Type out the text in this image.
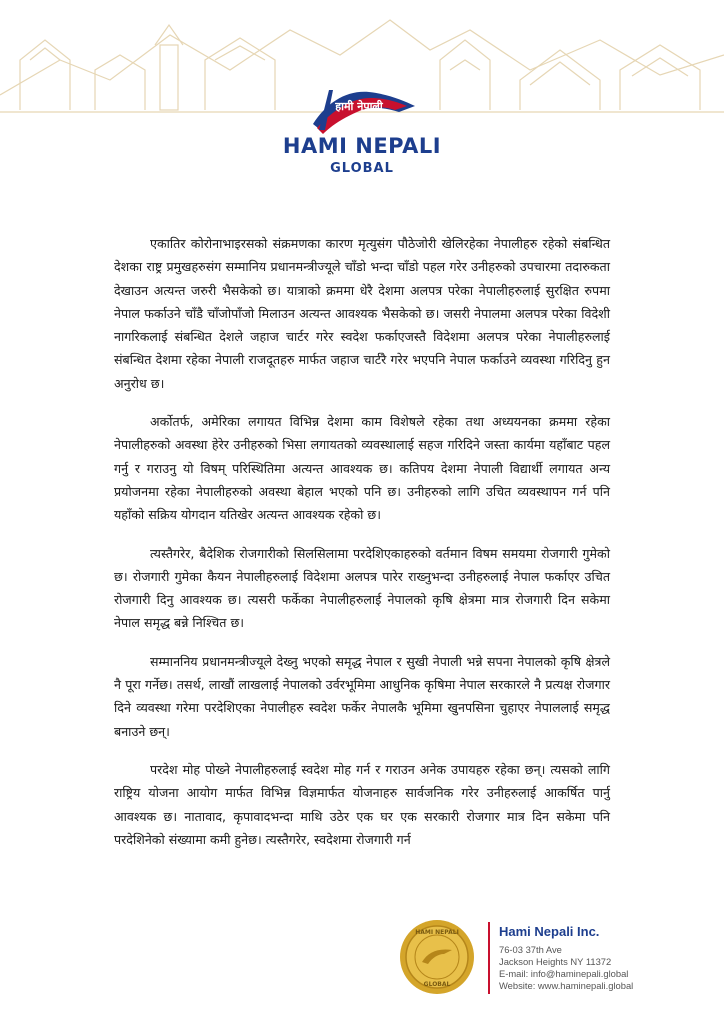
हामी नेपाली
HAMI NEPALI
GLOBAL

एकातिर कोरोनाभाइरसको संक्रमणका कारण मृत्युसंग पौठेजोरी खेलिरहेका नेपालीहरु रहेको संबन्धित देशका राष्ट्र प्रमुखहरुसंग सम्मानिय प्रधानमन्त्रीज्यूले चाँडो भन्दा चाँडो पहल गरेर उनीहरुको उपचारमा तदारुकता देखाउन अत्यन्त जरुरी भैसकेको छ। यात्राको क्रममा धेरै देशमा अलपत्र परेका नेपालीहरुलाई सुरक्षित रुपमा नेपाल फर्काउने चाँडै चाँजोपाँजो मिलाउन अत्यन्त आवश्यक भैसकेको छ। जसरी नेपालमा अलपत्र परेका विदेशी नागरिकलाई संबन्धित देशले जहाज चार्टर गरेर स्वदेश फर्काएजस्तै विदेशमा अलपत्र परेका नेपालीहरुलाई संबन्धित देशमा रहेका नेपाली राजदूतहरु मार्फत जहाज चार्टरै गरेर भएपनि नेपाल फर्काउने व्यवस्था गरिदिनु हुन अनुरोध छ।

अर्कोतर्फ, अमेरिका लगायत विभिन्न देशमा काम विशेषले रहेका तथा अध्ययनका क्रममा रहेका नेपालीहरुको अवस्था हेरेर उनीहरुको भिसा लगायतको व्यवस्थालाई सहज गरिदिने जस्ता कार्यमा यहाँबाट पहल गर्नु र गराउनु यो विषम् परिस्थितिमा अत्यन्त आवश्यक छ। कतिपय देशमा नेपाली विद्यार्थी लगायत अन्य प्रयोजनमा रहेका नेपालीहरुको अवस्था बेहाल भएको पनि छ। उनीहरुको लागि उचित व्यवस्थापन गर्न पनि यहाँको सक्रिय योगदान यतिखेर अत्यन्त आवश्यक रहेको छ।

त्यस्तैगरेर, बैदेशिक रोजगारीको सिलसिलामा परदेशिएकाहरुको वर्तमान विषम समयमा रोजगारी गुमेको छ। रोजगारी गुमेका कैयन नेपालीहरुलाई विदेशमा अलपत्र पारेर राख्नुभन्दा उनीहरुलाई नेपाल फर्काएर उचित रोजगारी दिनु आवश्यक छ। त्यसरी फर्केका नेपालीहरुलाई नेपालको कृषि क्षेत्रमा मात्र रोजगारी दिन सकेमा नेपाल समृद्ध बन्ने निश्चित छ।

सम्माननिय प्रधानमन्त्रीज्यूले देख्नु भएको समृद्ध नेपाल र सुखी नेपाली भन्ने सपना नेपालको कृषि क्षेत्रले नै पूरा गर्नेछ। तसर्थ, लाखौं लाखलाई नेपालको उर्वरभूमिमा आधुनिक कृषिमा नेपाल सरकारले नै प्रत्यक्ष रोजगार दिने व्यवस्था गरेमा परदेशिएका नेपालीहरु स्वदेश फर्केर नेपालकै भूमिमा खुनपसिना चुहाएर नेपाललाई समृद्ध बनाउने छन्।

परदेश मोह पोख्ने नेपालीहरुलाई स्वदेश मोह गर्न र गराउन अनेक उपायहरु रहेका छन्। त्यसको लागि राष्ट्रिय योजना आयोग मार्फत विभिन्न विज्ञमार्फत योजनाहरु सार्वजनिक गरेर उनीहरुलाई आकर्षित पार्नु आवश्यक छ। नातावाद, कृपावादभन्दा माथि उठेर एक घर एक सरकारी रोजगार मात्र दिन सकेमा पनि परदेशिनेको संख्यामा कमी हुनेछ। त्यस्तैगरेर, स्वदेशमा रोजगारी गर्न

HAMI NEPALI
GLOBAL
Hami Nepali Inc.
76-03 37th Ave
Jackson Heights NY 11372
E-mail: info@haminepali.global
Website: www.haminepali.global
